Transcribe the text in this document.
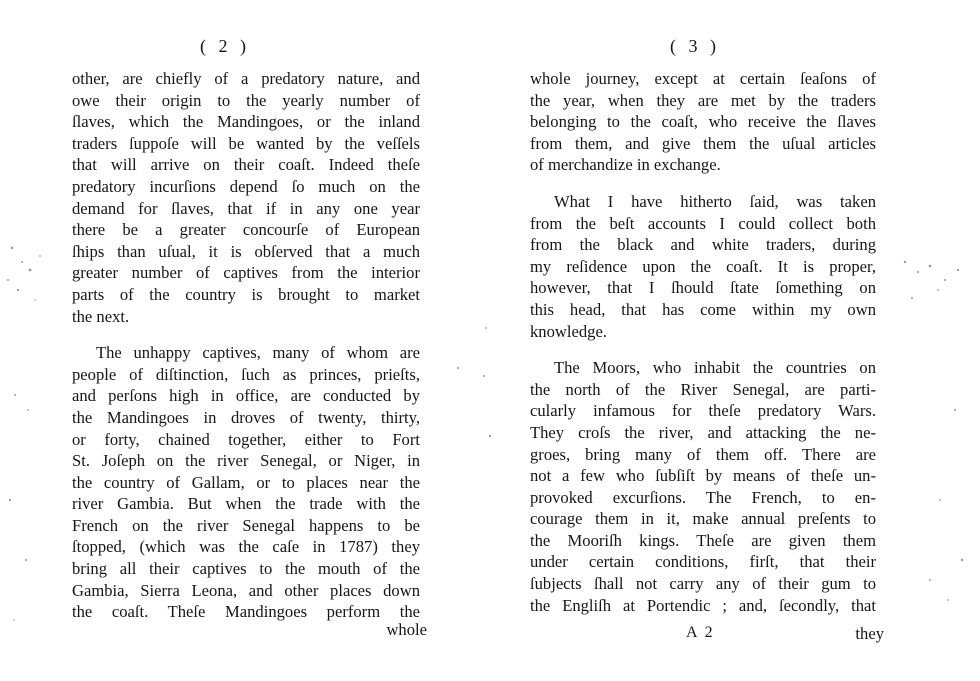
( 2 )
other, are chiefly of a predatory nature, and
owe their origin to the yearly number of
ſlaves, which the Mandingoes, or the inland
traders ſuppoſe will be wanted by the veſſels
that will arrive on their coaſt. Indeed theſe
predatory incurſions depend ſo much on the
demand for ſlaves, that if in any one year
there be a greater concourſe of European
ſhips than uſual, it is obſerved that a much
greater number of captives from the interior
parts of the country is brought to market
the next.
The unhappy captives, many of whom are
people of diſtinction, ſuch as princes, prieſts,
and perſons high in office, are conducted by
the Mandingoes in droves of twenty, thirty,
or forty, chained together, either to Fort
St. Joſeph on the river Senegal, or Niger, in
the country of Gallam, or to places near the
river Gambia. But when the trade with the
French on the river Senegal happens to be
ſtopped, (which was the caſe in 1787) they
bring all their captives to the mouth of the
Gambia, Sierra Leona, and other places down
the coaſt. Theſe Mandingoes perform the
whole
( 3 )
whole journey, except at certain ſeaſons of
the year, when they are met by the traders
belonging to the coaſt, who receive the ſlaves
from them, and give them the uſual articles
of merchandize in exchange.
What I have hitherto ſaid, was taken
from the beſt accounts I could collect both
from the black and white traders, during
my reſidence upon the coaſt. It is proper,
however, that I ſhould ſtate ſomething on
this head, that has come within my own
knowledge.
The Moors, who inhabit the countries on
the north of the River Senegal, are parti-
cularly infamous for theſe predatory Wars.
They croſs the river, and attacking the ne-
groes, bring many of them off. There are
not a few who ſubſiſt by means of theſe un-
provoked excurſions. The French, to en-
courage them in it, make annual preſents to
the Mooriſh kings. Theſe are given them
under certain conditions, firſt, that their
ſubjects ſhall not carry any of their gum to
the Engliſh at Portendic ; and, ſecondly, that
A 2	they
